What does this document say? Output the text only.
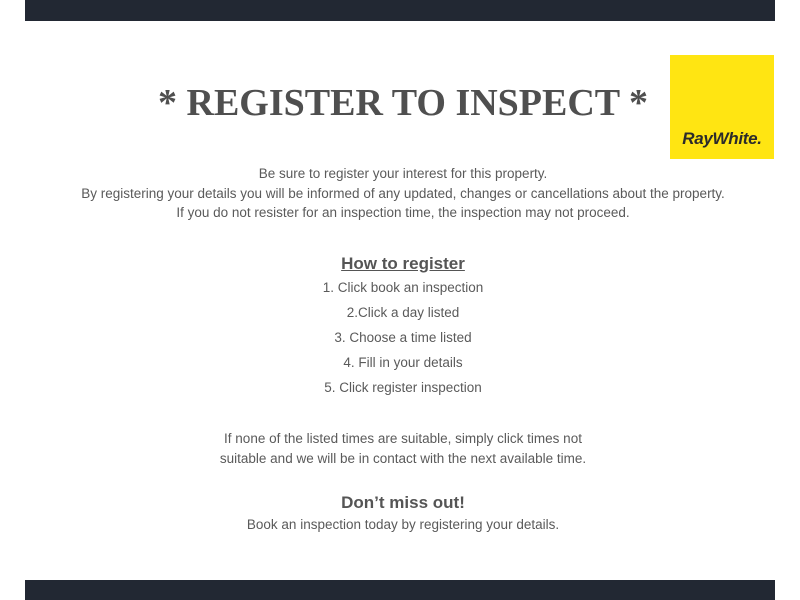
* REGISTER TO INSPECT *
RayWhite.
Be sure to register your interest for this property.
By registering your details you will be informed of any updated, changes or cancellations about the property.
If you do not resister for an inspection time, the inspection may not proceed.
How to register
1. Click book an inspection
2.Click a day listed
3. Choose a time listed
4. Fill in your details
5. Click register inspection
If none of the listed times are suitable, simply click times not
suitable and we will be in contact with the next available time.
Don’t miss out!
Book an inspection today by registering your details.
